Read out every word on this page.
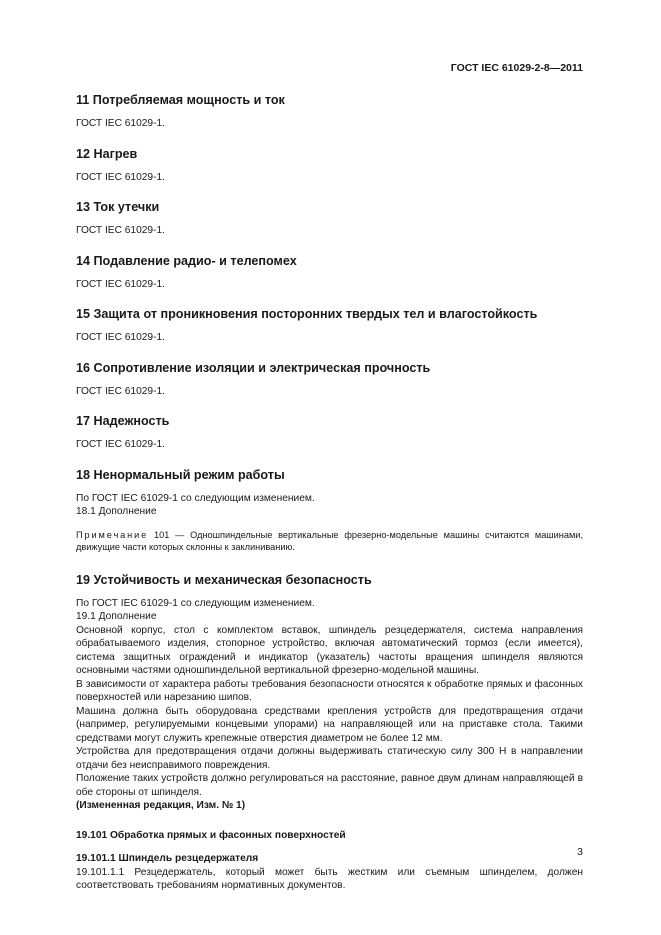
ГОСТ IEC 61029-2-8—2011
11 Потребляемая мощность и ток

ГОСТ IEC 61029-1.

12 Нагрев

ГОСТ IEC 61029-1.

13 Ток утечки

ГОСТ IEC 61029-1.

14 Подавление радио- и телепомех

ГОСТ IEC 61029-1.

15 Защита от проникновения посторонних твердых тел и влагостойкость

ГОСТ IEC 61029-1.

16 Сопротивление изоляции и электрическая прочность

ГОСТ IEC 61029-1.

17 Надежность

ГОСТ IEC 61029-1.

18 Ненормальный режим работы

По ГОСТ IEC 61029-1 со следующим изменением.

18.1 Дополнение

Примечание 101 — Одношпиндельные вертикальные фрезерно-модельные машины считаются машинами, движущие части которых склонны к заклиниванию.

19 Устойчивость и механическая безопасность

По ГОСТ IEC 61029-1 со следующим изменением.

19.1 Дополнение

Основной корпус, стол с комплектом вставок, шпиндель резцедержателя, система направления обрабатываемого изделия, стопорное устройство, включая автоматический тормоз (если имеется), система защитных ограждений и индикатор (указатель) частоты вращения шпинделя являются основными частями одношпиндельной вертикальной фрезерно-модельной машины.

В зависимости от характера работы требования безопасности относятся к обработке прямых и фасонных поверхностей или нарезанию шипов.

Машина должна быть оборудована средствами крепления устройств для предотвращения отдачи (например, регулируемыми концевыми упорами) на направляющей или на приставке стола. Такими средствами могут служить крепежные отверстия диаметром не более 12 мм.

Устройства для предотвращения отдачи должны выдерживать статическую силу 300 Н в направлении отдачи без неисправимого повреждения.

Положение таких устройств должно регулироваться на расстояние, равное двум длинам направляющей в обе стороны от шпинделя.

(Измененная редакция, Изм. № 1)

19.101 Обработка прямых и фасонных поверхностей

19.101.1 Шпиндель резцедержателя

19.101.1.1 Резцедержатель, который может быть жестким или съемным шпинделем, должен соответствовать требованиям нормативных документов.

3
